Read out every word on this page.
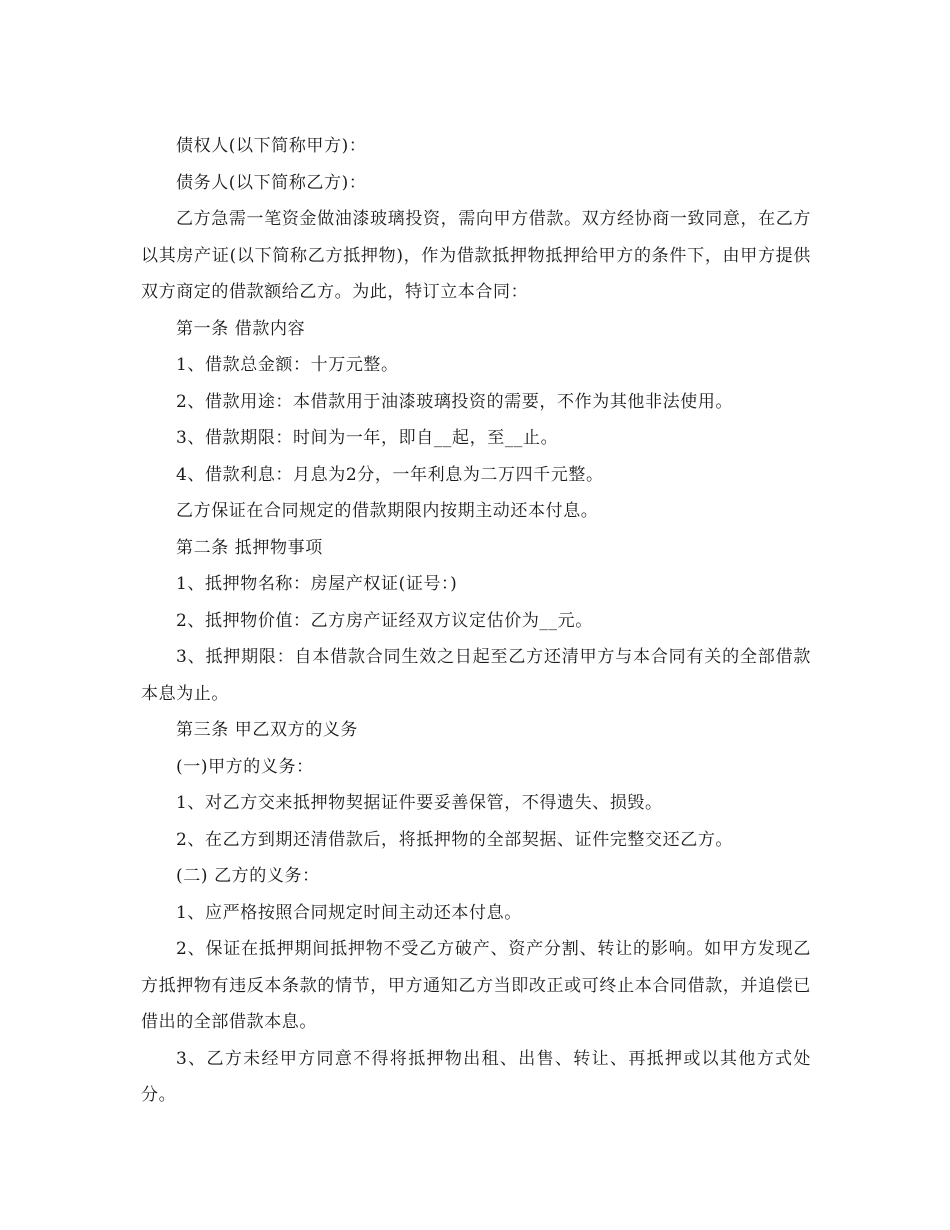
债权人(以下简称甲方)：

债务人(以下简称乙方)：

乙方急需一笔资金做油漆玻璃投资，需向甲方借款。双方经协商一致同意，在乙方以其房产证(以下简称乙方抵押物)，作为借款抵押物抵押给甲方的条件下，由甲方提供双方商定的借款额给乙方。为此，特订立本合同：

第一条 借款内容

1、借款总金额：十万元整。

2、借款用途：本借款用于油漆玻璃投资的需要，不作为其他非法使用。

3、借款期限：时间为一年，即自__起，至__止。

4、借款利息：月息为2分，一年利息为二万四千元整。

乙方保证在合同规定的借款期限内按期主动还本付息。

第二条 抵押物事项

1、抵押物名称：房屋产权证(证号：)

2、抵押物价值：乙方房产证经双方议定估价为__元。

3、抵押期限：自本借款合同生效之日起至乙方还清甲方与本合同有关的全部借款本息为止。

第三条 甲乙双方的义务

(一)甲方的义务：

1、对乙方交来抵押物契据证件要妥善保管，不得遗失、损毁。

2、在乙方到期还清借款后，将抵押物的全部契据、证件完整交还乙方。

(二) 乙方的义务：

1、应严格按照合同规定时间主动还本付息。

2、保证在抵押期间抵押物不受乙方破产、资产分割、转让的影响。如甲方发现乙方抵押物有违反本条款的情节，甲方通知乙方当即改正或可终止本合同借款，并追偿已借出的全部借款本息。

3、乙方未经甲方同意不得将抵押物出租、出售、转让、再抵押或以其他方式处分。
